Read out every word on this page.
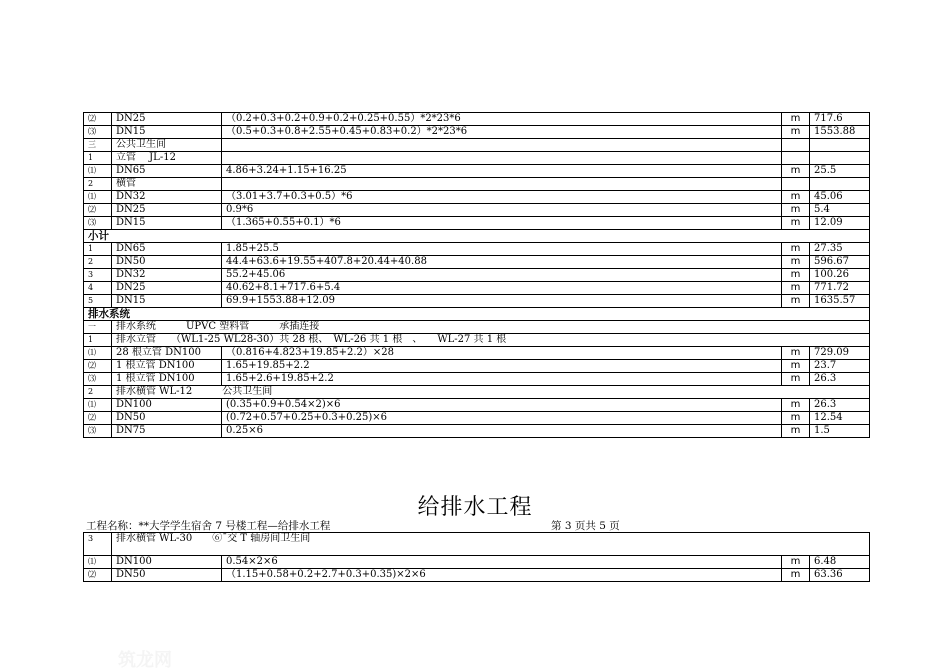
⑵	DN25	（0.2+0.3+0.2+0.9+0.2+0.25+0.55）*2*23*6	m	717.6
⑶	DN15	（0.5+0.3+0.8+2.55+0.45+0.83+0.2）*2*23*6	m	1553.88
三	公共卫生间			
1	立管　 JL-12			
⑴	DN65	4.86+3.24+1.15+16.25	m	25.5
2	横管			
⑴	DN32	（3.01+3.7+0.3+0.5）*6	m	45.06
⑵	DN25	0.9*6	m	5.4
⑶	DN15	（1.365+0.55+0.1）*6	m	12.09
小计				
1	DN65	1.85+25.5	m	27.35
2	DN50	44.4+63.6+19.55+407.8+20.44+40.88	m	596.67
3	DN32	55.2+45.06	m	100.26
4	DN25	40.62+8.1+717.6+5.4	m	771.72
5	DN15	69.9+1553.88+12.09	m	1635.57
排水系统				
一	排水系统　　　UPVC 塑料管　　　承插连接			
1	排水立管　　（WL1-25 WL28-30）共 28 根、　WL-26 共 1 根　、　　WL-27 共 1 根			
⑴	28 根立管 DN100	（0.816+4.823+19.85+2.2）×28	m	729.09
⑵	1 根立管 DN100	1.65+19.85+2.2	m	23.7
⑶	1 根立管 DN100	1.65+2.6+19.85+2.2	m	26.3
2	排水横管 WL-12　　　公共卫生间			
⑴	DN100	(0.35+0.9+0.54×2)×6	m	26.3
⑵	DN50	(0.72+0.57+0.25+0.3+0.25)×6	m	12.54
⑶	DN75	0.25×6	m	1.5
给排水工程
工程名称：**大学学生宿舍 7 号楼工程—给排水工程	第 3 页共 5 页
3	排水横管 WL-30　　⑥ˉ交 T 轴房间卫生间			
⑴	DN100	0.54×2×6	m	6.48
⑵	DN50	（1.15+0.58+0.2+2.7+0.3+0.35)×2×6	m	63.36
筑龙网
